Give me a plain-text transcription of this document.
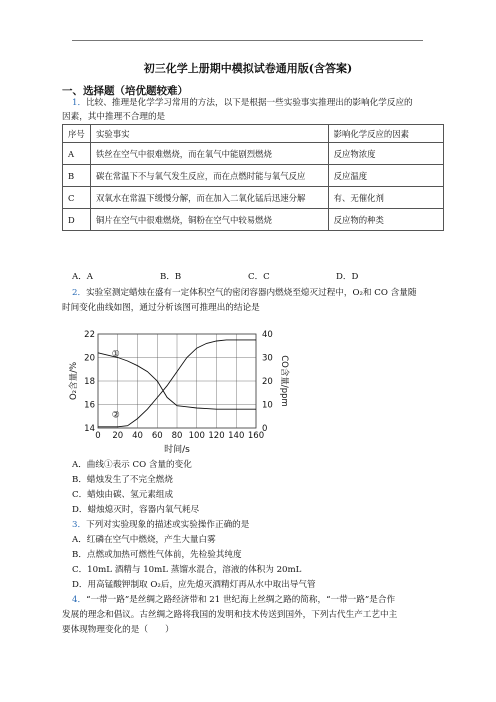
初三化学上册期中模拟试卷通用版(含答案)
一、选择题（培优题较难）
1．比较、推理是化学学习常用的方法，以下是根据一些实验事实推理出的影响化学反应的
因素，其中推理不合理的是
序号	实验事实	影响化学反应的因素
A	铁丝在空气中很难燃烧，而在氧气中能剧烈燃烧	反应物浓度
B	碳在常温下不与氧气发生反应，而在点燃时能与氧气反应	反应温度
C	双氧水在常温下缓慢分解，而在加入二氧化锰后迅速分解	有、无催化剂
D	铜片在空气中很难燃烧，铜粉在空气中较易燃烧	反应物的种类
A．A	B．B	C．C	D．D
2．实验室测定蜡烛在盛有一定体积空气的密闭容器内燃烧至熄灭过程中，O₂和 CO 含量随
时间变化曲线如图，通过分析该图可推理出的结论是
0 20 40 60 80 100 120 140 160
14
16
18
20
22
0
10
20
30
40
①
②
时间/s
O₂含量/%	CO含量/ppm
A．曲线①表示 CO 含量的变化
B．蜡烛发生了不完全燃烧
C．蜡烛由碳、氢元素组成
D．蜡烛熄灭时，容器内氧气耗尽
3．下列对实验现象的描述或实验操作正确的是
A．红磷在空气中燃烧，产生大量白雾
B．点燃或加热可燃性气体前，先检验其纯度
C．10mL 酒精与 10mL 蒸馏水混合，溶液的体积为 20mL
D．用高锰酸钾制取 O₂后，应先熄灭酒精灯再从水中取出导气管
4．“一带一路”是丝绸之路经济带和 21 世纪海上丝绸之路的简称，“一带一路”是合作
发展的理念和倡议。古丝绸之路将我国的发明和技术传送到国外，下列古代生产工艺中主
要体现物理变化的是（　　）
